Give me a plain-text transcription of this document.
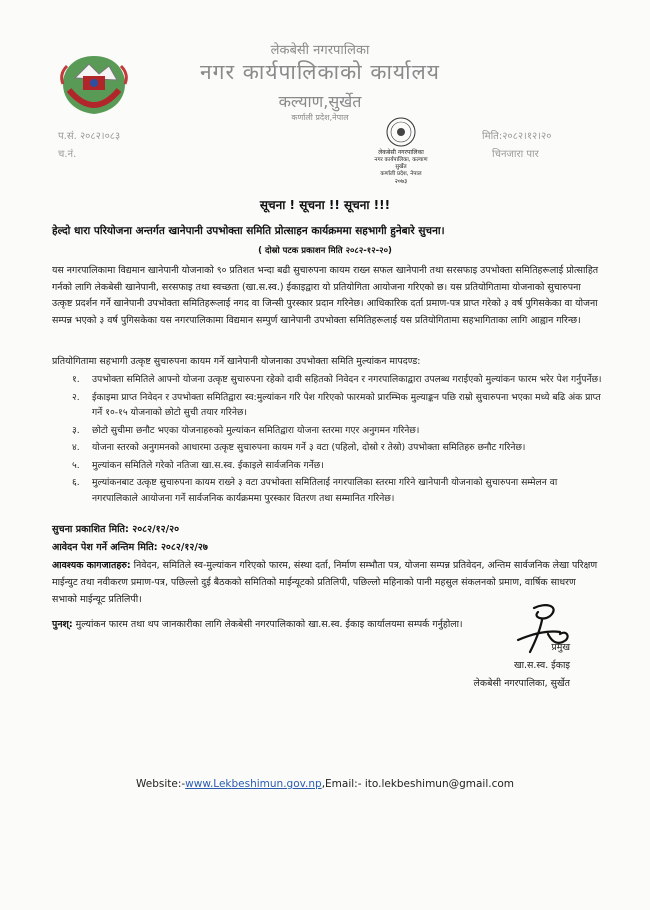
लेकबेसी नगरपालिका
नगर कार्यपालिकाको कार्यालय
कल्याण,सुर्खेत
कर्णाली प्रदेश,नेपाल
प.सं. २०८२।०८३
च.नं.
मिति:२०८२।१२।२०
चिनजारा पार
लेकबेसी नगरपालिका
नगर कार्यपालिका, कल्याण
सुर्खेत
कर्णाली प्रदेश, नेपाल
२०७३
सूचना ! सूचना !! सूचना !!!
हेल्दो धारा परियोजना अन्तर्गत खानेपानी उपभोक्ता समिति प्रोत्साहन कार्यक्रममा सहभागी हुनेबारे सुचना।
( दोस्रो पटक प्रकाशन मिति २०८२-१२-२०)
यस नगरपालिकामा विद्यमान खानेपानी योजनाको ९० प्रतिशत भन्दा बढी सुचारुपना कायम राख्न सफल खानेपानी तथा सरसफाइ उपभोक्ता समितिहरूलाई प्रोत्साहित गर्नको लागि लेकबेसी खानेपानी, सरसफाइ तथा स्वच्छता (खा.स.स्व.) ईकाइद्वारा यो प्रतियोगिता आयोजना गरिएको छ। यस प्रतियोगितामा योजनाको सुचारुपना उत्कृष्ट प्रदर्शन गर्ने खानेपानी उपभोक्ता समितिहरूलाई नगद वा जिन्सी पुरस्कार प्रदान गरिनेछ। आधिकारिक दर्ता प्रमाण-पत्र प्राप्त गरेको ३ वर्ष पुगिसकेका वा योजना सम्पन्न भएको ३ वर्ष पुगिसकेका यस नगरपालिकामा विद्यमान सम्पुर्ण खानेपानी उपभोक्ता समितिहरूलाई यस प्रतियोगितामा सहभागिताका लागि आह्वान गरिन्छ।
प्रतियोगितामा सहभागी उत्कृष्ट सुचारुपना कायम गर्ने खानेपानी योजनाका उपभोक्ता समिति मुल्यांकन मापदण्ड:
१. उपभोक्ता समितिले आफ्नो योजना उत्कृष्ट सुचारुपना रहेको दावी सहितको निवेदन र नगरपालिकाद्वारा उपलब्ध गराईएको मुल्यांकन फारम भरेर पेश गर्नुपर्नेछ।
२. ईकाइमा प्राप्त निवेदन र उपभोक्ता समितिद्वारा स्व:मुल्यांकन गरि पेश गरिएको फारमको प्रारम्भिक मुल्याङ्कन पछि राम्रो सुचारुपना भएका मध्ये बढि अंक प्राप्त गर्ने १०-१५ योजनाको छोटो सुची तयार गरिनेछ।
३. छोटो सुचीमा छनौट भएका योजनाहरुको मुल्यांकन समितिद्वारा योजना स्तरमा गएर अनुगमन गरिनेछ।
४. योजना स्तरको अनुगमनको आधारमा उत्कृष्ट सुचारुपना कायम गर्ने ३ वटा (पहिलो, दोस्रो र तेस्रो) उपभोक्ता समितिहरु छनौट गरिनेछ।
५. मुल्यांकन समितिले गरेको नतिजा खा.स.स्व. ईकाइले सार्वजनिक गर्नेछ।
६. मुल्यांकनबाट उत्कृष्ट सुचारुपना कायम राख्ने ३ वटा उपभोक्ता समितिलाई नगरपालिका स्तरमा गरिने खानेपानी योजनाको सुचारुपना सम्मेलन वा नगरपालिकाले आयोजना गर्ने सार्वजनिक कार्यक्रममा पुरस्कार वितरण तथा सम्मानित गरिनेछ।
सुचना प्रकाशित मिति: २०८२/१२/२०
आवेदन पेश गर्ने अन्तिम मिति: २०८२/१२/२७
आवश्यक कागजातहरु: निवेदन, समितिले स्व-मुल्यांकन गरिएको फारम, संस्था दर्ता, निर्माण सम्भौता पत्र, योजना सम्पन्न प्रतिवेदन, अन्तिम सार्वजनिक लेखा परिक्षण माईन्युट तथा नवीकरण प्रमाण-पत्र, पछिल्लो दुई बैठकको समितिको माईन्यूटको प्रतिलिपी, पछिल्लो महिनाको पानी महसुल संकलनको प्रमाण, वार्षिक साधरण सभाको माईन्यूट प्रतिलिपी।
पुनश्: मुल्यांकन फारम तथा थप जानकारीका लागि लेकबेसी नगरपालिकाको खा.स.स्व. ईकाइ कार्यालयमा सम्पर्क गर्नुहोला।
प्रमुख
खा.स.स्व. ईकाइ
लेकबेसी नगरपालिका, सुर्खेत
Website:-www.Lekbeshimun.gov.np,Email:- ito.lekbeshimun@gmail.com
